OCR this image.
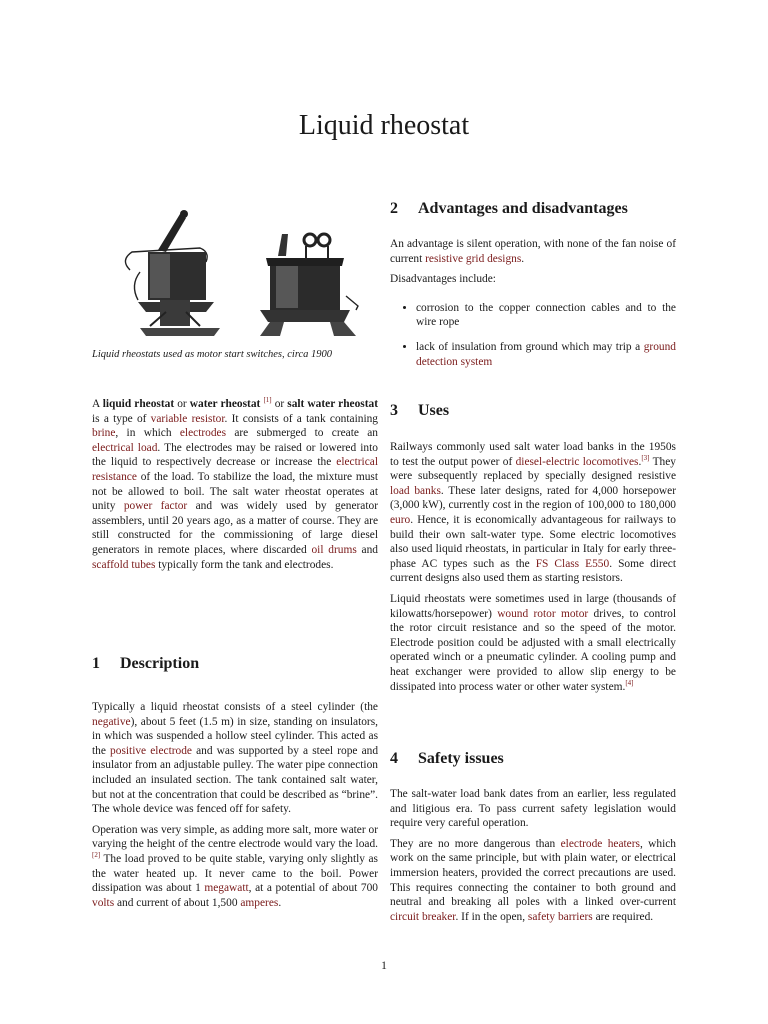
Liquid rheostat
Liquid rheostats used as motor start switches, circa 1900

A liquid rheostat or water rheostat [1] or salt water rheostat is a type of variable resistor. It consists of a tank containing brine, in which electrodes are submerged to create an electrical load. The electrodes may be raised or lowered into the liquid to respectively decrease or increase the electrical resistance of the load. To stabilize the load, the mixture must not be allowed to boil. The salt water rheostat operates at unity power factor and was widely used by generator assemblers, until 20 years ago, as a matter of course. They are still constructed for the commissioning of large diesel generators in remote places, where discarded oil drums and scaffold tubes typically form the tank and electrodes.

1 Description

Typically a liquid rheostat consists of a steel cylinder (the negative), about 5 feet (1.5 m) in size, standing on insulators, in which was suspended a hollow steel cylinder. This acted as the positive electrode and was supported by a steel rope and insulator from an adjustable pulley. The water pipe connection included an insulated section. The tank contained salt water, but not at the concentration that could be described as “brine”. The whole device was fenced off for safety.

Operation was very simple, as adding more salt, more water or varying the height of the centre electrode would vary the load.[2] The load proved to be quite stable, varying only slightly as the water heated up. It never came to the boil. Power dissipation was about 1 megawatt, at a potential of about 700 volts and current of about 1,500 amperes.

2 Advantages and disadvantages

An advantage is silent operation, with none of the fan noise of current resistive grid designs.

Disadvantages include:

• corrosion to the copper connection cables and to the wire rope
• lack of insulation from ground which may trip a ground detection system
3 Uses

Railways commonly used salt water load banks in the 1950s to test the output power of diesel-electric locomotives.[3] They were subsequently replaced by specially designed resistive load banks. These later designs, rated for 4,000 horsepower (3,000 kW), currently cost in the region of 100,000 to 180,000 euro. Hence, it is economically advantageous for railways to build their own salt-water type. Some electric locomotives also used liquid rheostats, in particular in Italy for early three-phase AC types such as the FS Class E550. Some direct current designs also used them as starting resistors.

Liquid rheostats were sometimes used in large (thousands of kilowatts/horsepower) wound rotor motor drives, to control the rotor circuit resistance and so the speed of the motor. Electrode position could be adjusted with a small electrically operated winch or a pneumatic cylinder. A cooling pump and heat exchanger were provided to allow slip energy to be dissipated into process water or other water system.[4]

4 Safety issues

The salt-water load bank dates from an earlier, less regulated and litigious era. To pass current safety legislation would require very careful operation.

They are no more dangerous than electrode heaters, which work on the same principle, but with plain water, or electrical immersion heaters, provided the correct precautions are used. This requires connecting the container to both ground and neutral and breaking all poles with a linked over-current circuit breaker. If in the open, safety barriers are required.

1
